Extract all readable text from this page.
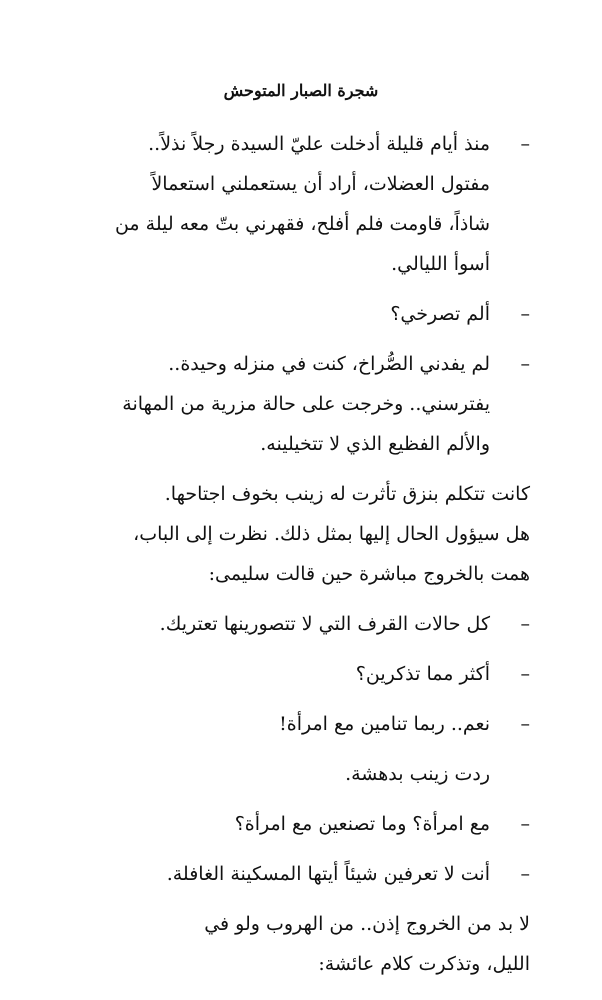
شجرة الصبار المتوحش
–
منذ أيام قليلة أدخلت عليّ السيدة رجلاً نذلاً..
مفتول العضلات، أراد أن يستعملني استعمالاً
شاذاً، قاومت فلم أفلح، فقهرني بتّ معه ليلة من
أسوأ الليالي.
–
ألم تصرخي؟
–
لم يفدني الصُّراخ، كنت في منزله وحيدة..
يفترسني.. وخرجت على حالة مزرية من المهانة
والألم الفظيع الذي لا تتخيلينه.
كانت تتكلم بنزق تأثرت له زينب بخوف اجتاحها.
هل سيؤول الحال إليها بمثل ذلك. نظرت إلى الباب،
همت بالخروج مباشرة حين قالت سليمى:
–
كل حالات القرف التي لا تتصورينها تعتريك.
–
أكثر مما تذكرين؟
–
نعم.. ربما تنامين مع امرأة!
ردت زينب بدهشة.
–
مع امرأة؟ وما تصنعين مع امرأة؟
–
أنت لا تعرفين شيئاً أيتها المسكينة الغافلة.
لا بد من الخروج إذن.. من الهروب ولو في
الليل، وتذكرت كلام عائشة:
